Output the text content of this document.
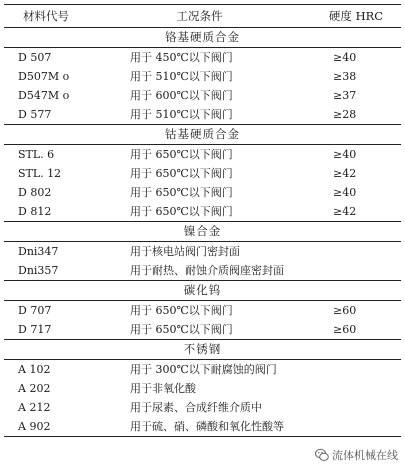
材料代号	工况条件	硬度 HRC
铬基硬质合金		
D 507	用于 450℃以下阀门	≥40
D507M o	用于 510℃以下阀门	≥38
D547M o	用于 600℃以下阀门	≥37
D 577	用于 510℃以下阀门	≥28
钴基硬质合金		
STL. 6	用于 650℃以下阀门	≥40
STL. 12	用于 650℃以下阀门	≥42
D 802	用于 650℃以下阀门	≥40
D 812	用于 650℃以下阀门	≥42
镍合金		
Dni347	用于核电站阀门密封面	
Dni357	用于耐热、耐蚀介质阀座密封面	
碳化钨		
D 707	用于 650℃以下阀门	≥60
D 717	用于 650℃以下阀门	≥60
不锈钢		
A 102	用于 300℃以下耐腐蚀的阀门	
A 202	用于非氧化酸	
A 212	用于尿素、合成纤维介质中	
A 902	用于硫、硝、磷酸和氧化性酸等	
流体机械在线
